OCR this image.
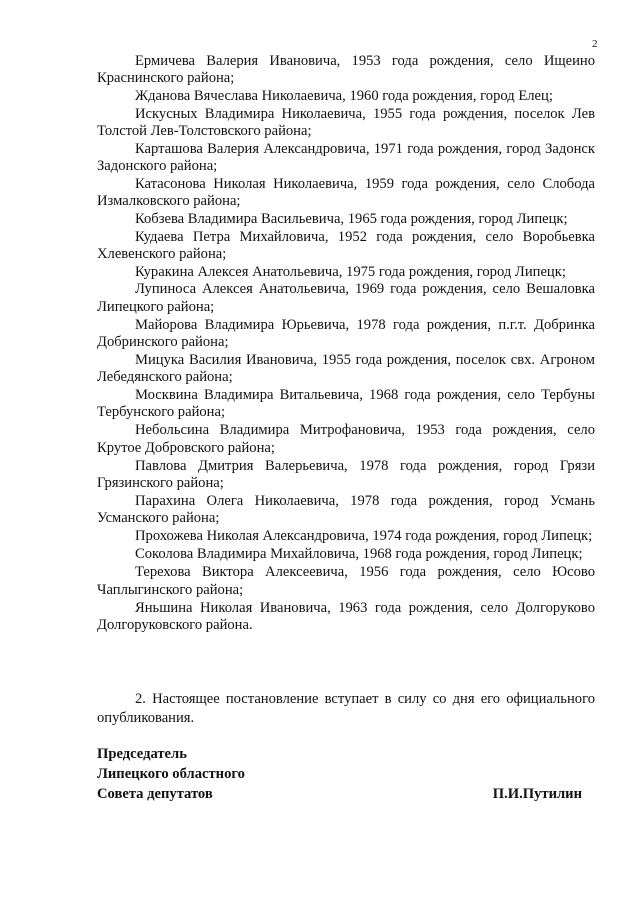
2

Ермичева Валерия Ивановича, 1953 года рождения, село Ищеино Краснинского района;

Жданова Вячеслава Николаевича, 1960 года рождения, город Елец;

Искусных Владимира Николаевича, 1955 года рождения, поселок Лев Толстой Лев-Толстовского района;

Карташова Валерия Александровича, 1971 года рождения, город Задонск Задонского района;

Катасонова Николая Николаевича, 1959 года рождения, село Слобода Измалковского района;

Кобзева Владимира Васильевича, 1965 года рождения, город Липецк;

Кудаева Петра Михайловича, 1952 года рождения, село Воробьевка Хлевенского района;

Куракина Алексея Анатольевича, 1975 года рождения, город Липецк;

Лупиноса Алексея Анатольевича, 1969 года рождения, село Вешаловка Липецкого района;

Майорова Владимира Юрьевича, 1978 года рождения, п.г.т. Добринка Добринского района;

Мицука Василия Ивановича, 1955 года рождения, поселок свх. Агроном Лебедянского района;

Москвина Владимира Витальевича, 1968 года рождения, село Тербуны Тербунского района;

Небольсина Владимира Митрофановича, 1953 года рождения, село Крутое Добровского района;

Павлова Дмитрия Валерьевича, 1978 года рождения, город Грязи Грязинского района;

Парахина Олега Николаевича, 1978 года рождения, город Усмань Усманского района;

Прохожева Николая Александровича, 1974 года рождения, город Липецк;

Соколова Владимира Михайловича, 1968 года рождения, город Липецк;

Терехова Виктора Алексеевича, 1956 года рождения, село Юсово Чаплыгинского района;

Яньшина Николая Ивановича, 1963 года рождения, село Долгоруково Долгоруковского района.

2. Настоящее постановление вступает в силу со дня его официального опубликования.

Председатель
Липецкого областного
Совета депутатов	П.И.Путилин
